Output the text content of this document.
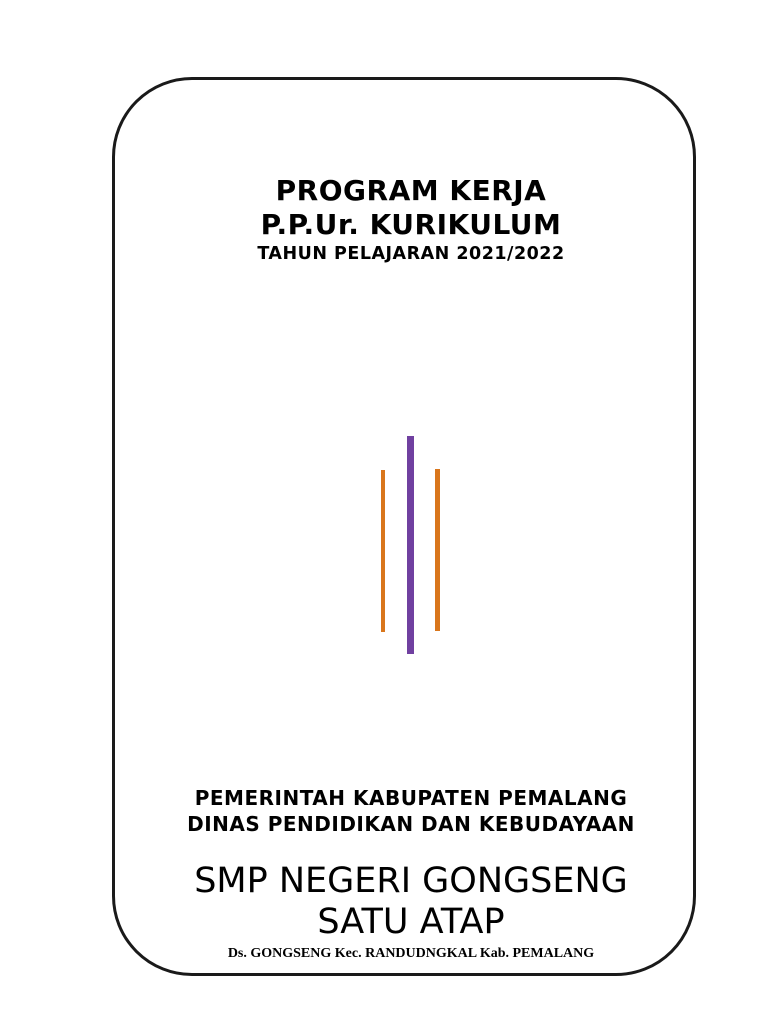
PROGRAM KERJA
P.P.Ur. KURIKULUM
TAHUN PELAJARAN 2021/2022
PEMERINTAH KABUPATEN PEMALANG
DINAS PENDIDIKAN DAN KEBUDAYAAN
SMP NEGERI GONGSENG
SATU ATAP
Ds. GONGSENG Kec. RANDUDNGKAL Kab. PEMALANG
